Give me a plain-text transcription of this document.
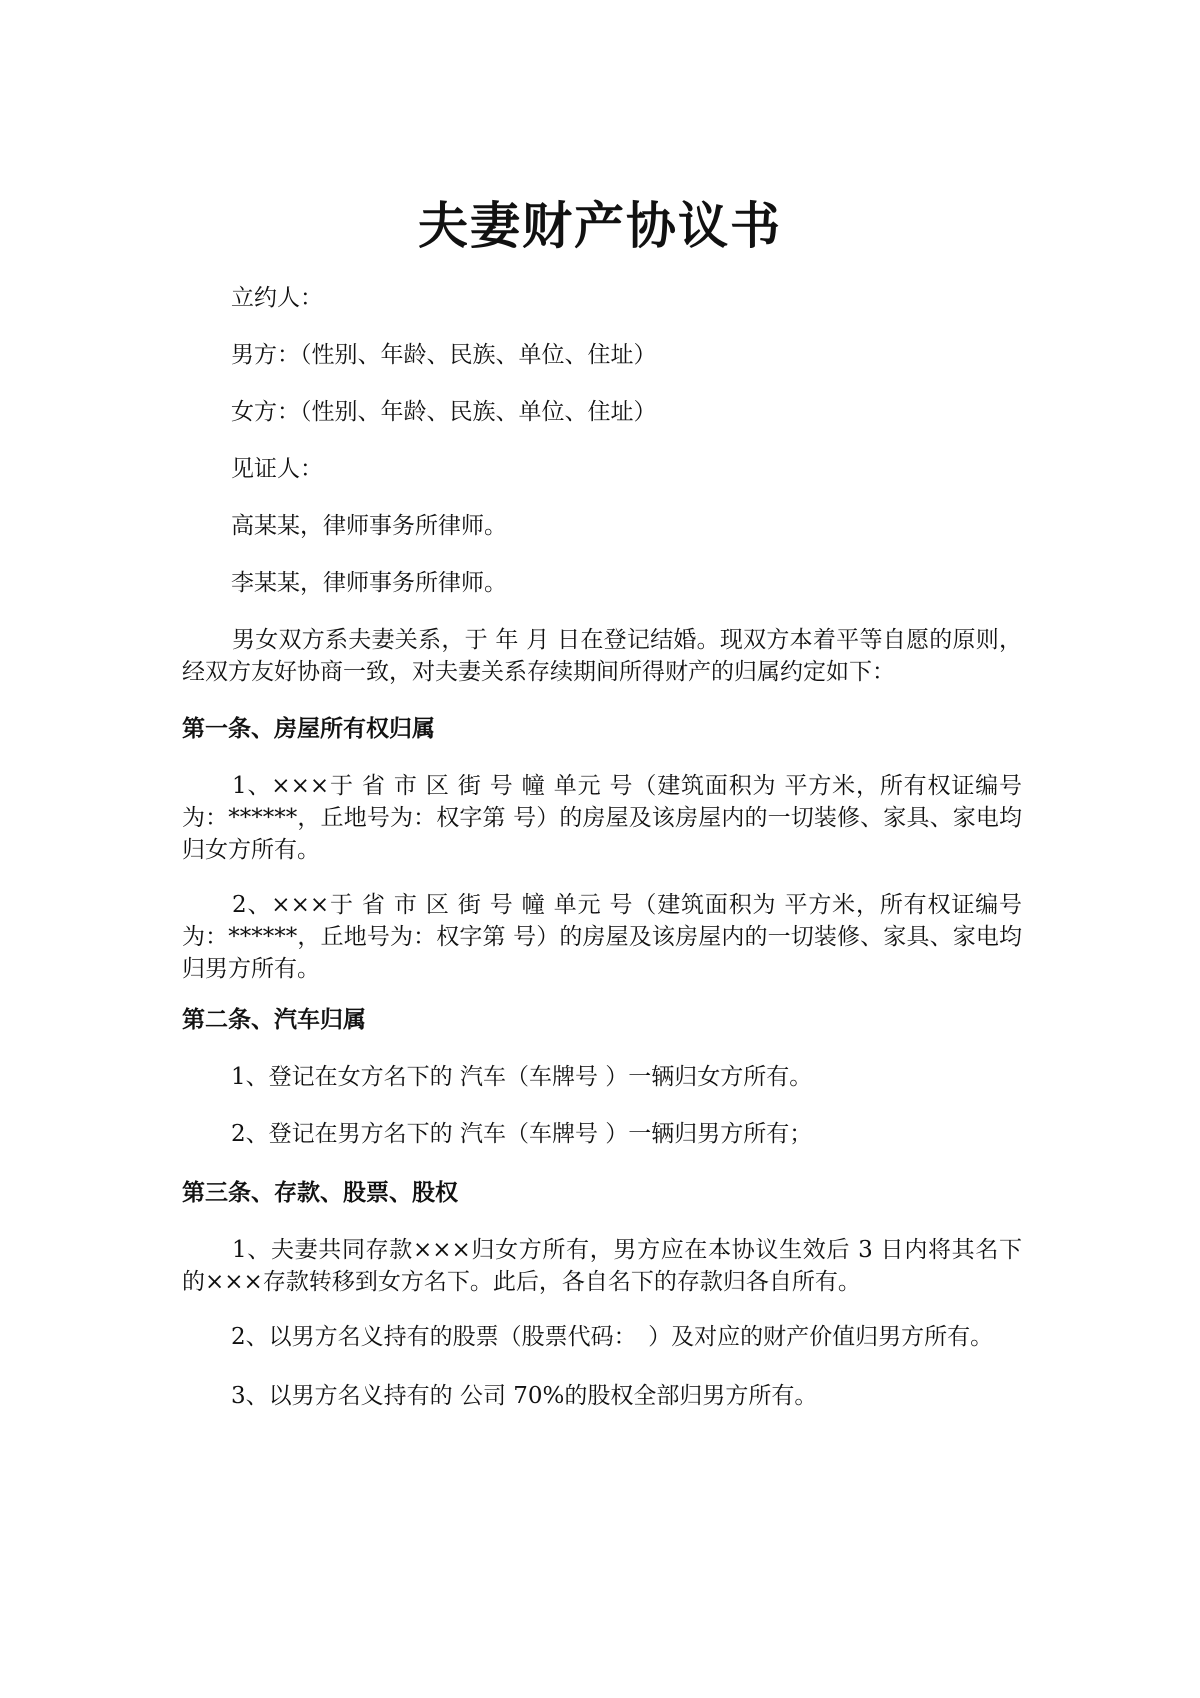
夫妻财产协议书
立约人：
男方：（性别、年龄、民族、单位、住址）
女方：（性别、年龄、民族、单位、住址）
见证人：
高某某，律师事务所律师。
李某某，律师事务所律师。
男女双方系夫妻关系，于 年 月 日在登记结婚。现双方本着平等自愿的原则，经双方友好协商一致，对夫妻关系存续期间所得财产的归属约定如下：
第一条、房屋所有权归属
1、×××于 省 市 区 街 号 幢 单元 号（建筑面积为 平方米，所有权证编号为：******，丘地号为：权字第 号）的房屋及该房屋内的一切装修、家具、家电均归女方所有。
2、×××于 省 市 区 街 号 幢 单元 号（建筑面积为 平方米，所有权证编号为：******，丘地号为：权字第 号）的房屋及该房屋内的一切装修、家具、家电均归男方所有。
第二条、汽车归属
1、登记在女方名下的 汽车（车牌号 ）一辆归女方所有。
2、登记在男方名下的 汽车（车牌号 ）一辆归男方所有；
第三条、存款、股票、股权
1、夫妻共同存款×××归女方所有，男方应在本协议生效后 3 日内将其名下的×××存款转移到女方名下。此后，各自名下的存款归各自所有。
2、以男方名义持有的股票（股票代码：　）及对应的财产价值归男方所有。
3、以男方名义持有的 公司 70%的股权全部归男方所有。
